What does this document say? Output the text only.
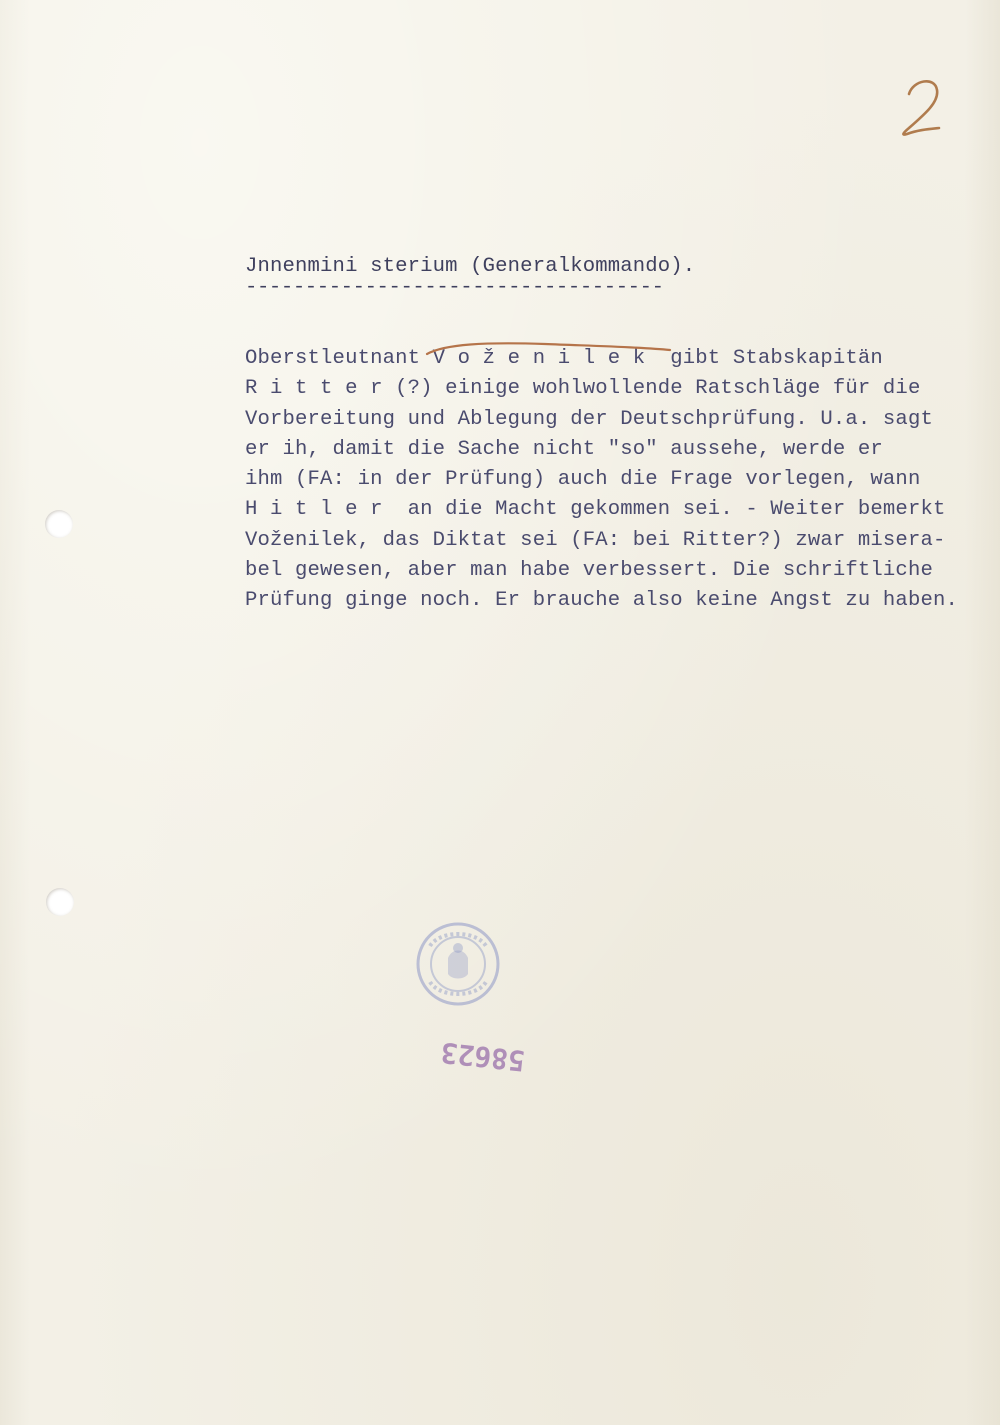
Jnnenmini sterium (Generalkommando).
-----------------------------------
Oberstleutnant V o ž e n i l e k  gibt Stabskapitän
R i t t e r (?) einige wohlwollende Ratschläge für die
Vorbereitung und Ablegung der Deutschprüfung. U.a. sagt
er ih, damit die Sache nicht "so" aussehe, werde er
ihm (FA: in der Prüfung) auch die Frage vorlegen, wann
H i t l e r  an die Macht gekommen sei. - Weiter bemerkt
Voženilek, das Diktat sei (FA: bei Ritter?) zwar misera-
bel gewesen, aber man habe verbessert. Die schriftliche
Prüfung ginge noch. Er brauche also keine Angst zu haben.
58623
